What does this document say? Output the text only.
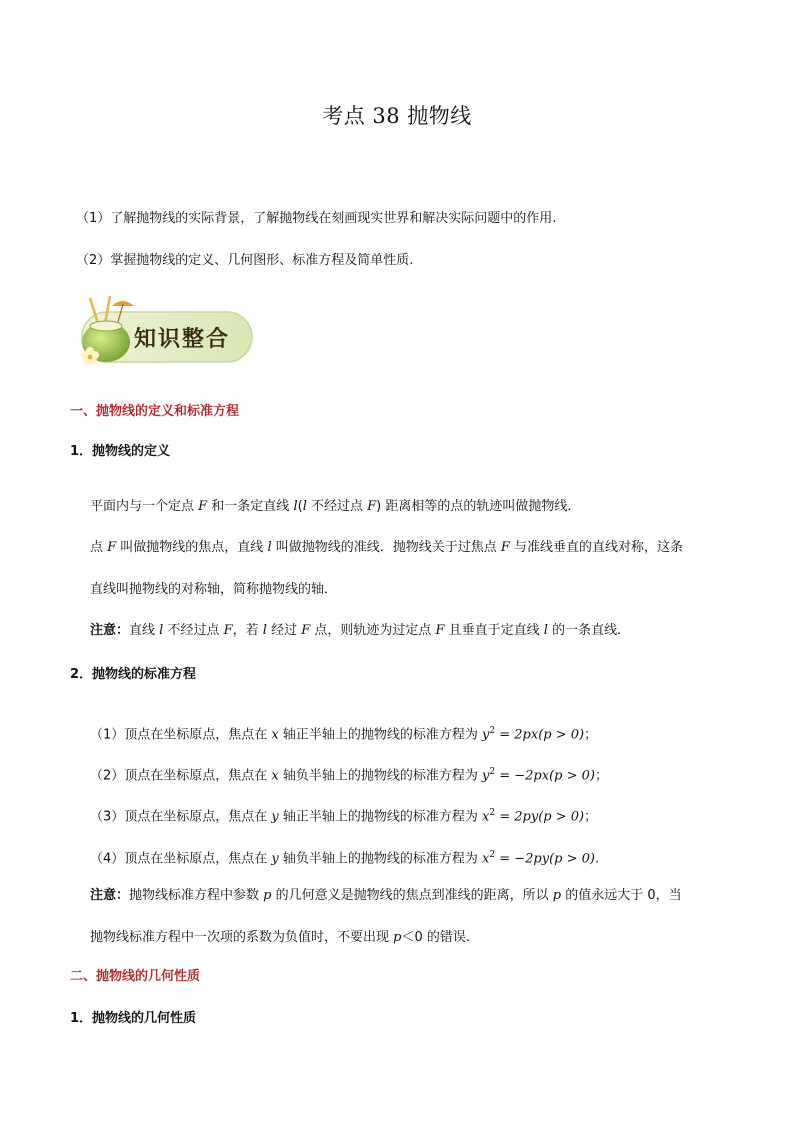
考点 38 抛物线
（1）了解抛物线的实际背景，了解抛物线在刻画现实世界和解决实际问题中的作用.
（2）掌握抛物线的定义、几何图形、标准方程及简单性质.
知识整合
一、抛物线的定义和标准方程
1．抛物线的定义
平面内与一个定点 F 和一条定直线 l(l 不经过点 F) 距离相等的点的轨迹叫做抛物线．
点 F 叫做抛物线的焦点，直线 l 叫做抛物线的准线．抛物线关于过焦点 F 与准线垂直的直线对称，这条
直线叫抛物线的对称轴，简称抛物线的轴．
注意：直线 l 不经过点 F，若 l 经过 F 点，则轨迹为过定点 F 且垂直于定直线 l 的一条直线．
2．抛物线的标准方程
（1）顶点在坐标原点，焦点在 x 轴正半轴上的抛物线的标准方程为 $y^2 = 2px(p > 0)$；
（2）顶点在坐标原点，焦点在 x 轴负半轴上的抛物线的标准方程为 $y^2 = -2px(p > 0)$；
（3）顶点在坐标原点，焦点在 y 轴正半轴上的抛物线的标准方程为 $x^2 = 2py(p > 0)$；
（4）顶点在坐标原点，焦点在 y 轴负半轴上的抛物线的标准方程为 $x^2 = -2py(p > 0)$.
注意：抛物线标准方程中参数 p 的几何意义是抛物线的焦点到准线的距离，所以 p 的值永远大于 0，当
抛物线标准方程中一次项的系数为负值时，不要出现 p＜0 的错误.
二、抛物线的几何性质
1．抛物线的几何性质
